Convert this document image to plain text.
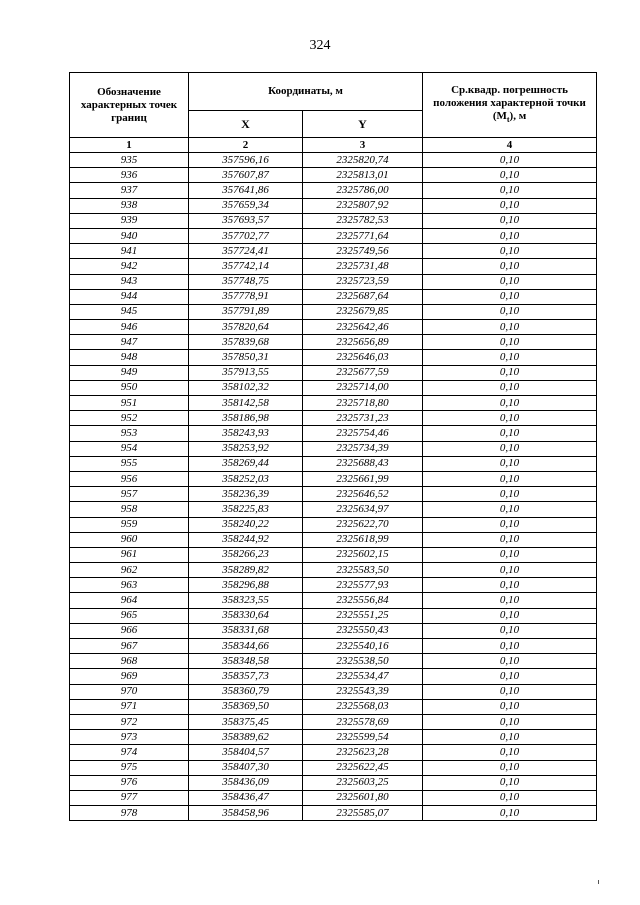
324
Обозначение характерных точек границ	Координаты, м		Ср.квадр. погрешность положения характерной точки $(M_t)$, м
	X	Y	
1	2	3	4
935	357596,16	2325820,74	0,10
936	357607,87	2325813,01	0,10
937	357641,86	2325786,00	0,10
938	357659,34	2325807,92	0,10
939	357693,57	2325782,53	0,10
940	357702,77	2325771,64	0,10
941	357724,41	2325749,56	0,10
942	357742,14	2325731,48	0,10
943	357748,75	2325723,59	0,10
944	357778,91	2325687,64	0,10
945	357791,89	2325679,85	0,10
946	357820,64	2325642,46	0,10
947	357839,68	2325656,89	0,10
948	357850,31	2325646,03	0,10
949	357913,55	2325677,59	0,10
950	358102,32	2325714,00	0,10
951	358142,58	2325718,80	0,10
952	358186,98	2325731,23	0,10
953	358243,93	2325754,46	0,10
954	358253,92	2325734,39	0,10
955	358269,44	2325688,43	0,10
956	358252,03	2325661,99	0,10
957	358236,39	2325646,52	0,10
958	358225,83	2325634,97	0,10
959	358240,22	2325622,70	0,10
960	358244,92	2325618,99	0,10
961	358266,23	2325602,15	0,10
962	358289,82	2325583,50	0,10
963	358296,88	2325577,93	0,10
964	358323,55	2325556,84	0,10
965	358330,64	2325551,25	0,10
966	358331,68	2325550,43	0,10
967	358344,66	2325540,16	0,10
968	358348,58	2325538,50	0,10
969	358357,73	2325534,47	0,10
970	358360,79	2325543,39	0,10
971	358369,50	2325568,03	0,10
972	358375,45	2325578,69	0,10
973	358389,62	2325599,54	0,10
974	358404,57	2325623,28	0,10
975	358407,30	2325622,45	0,10
976	358436,09	2325603,25	0,10
977	358436,47	2325601,80	0,10
978	358458,96	2325585,07	0,10
